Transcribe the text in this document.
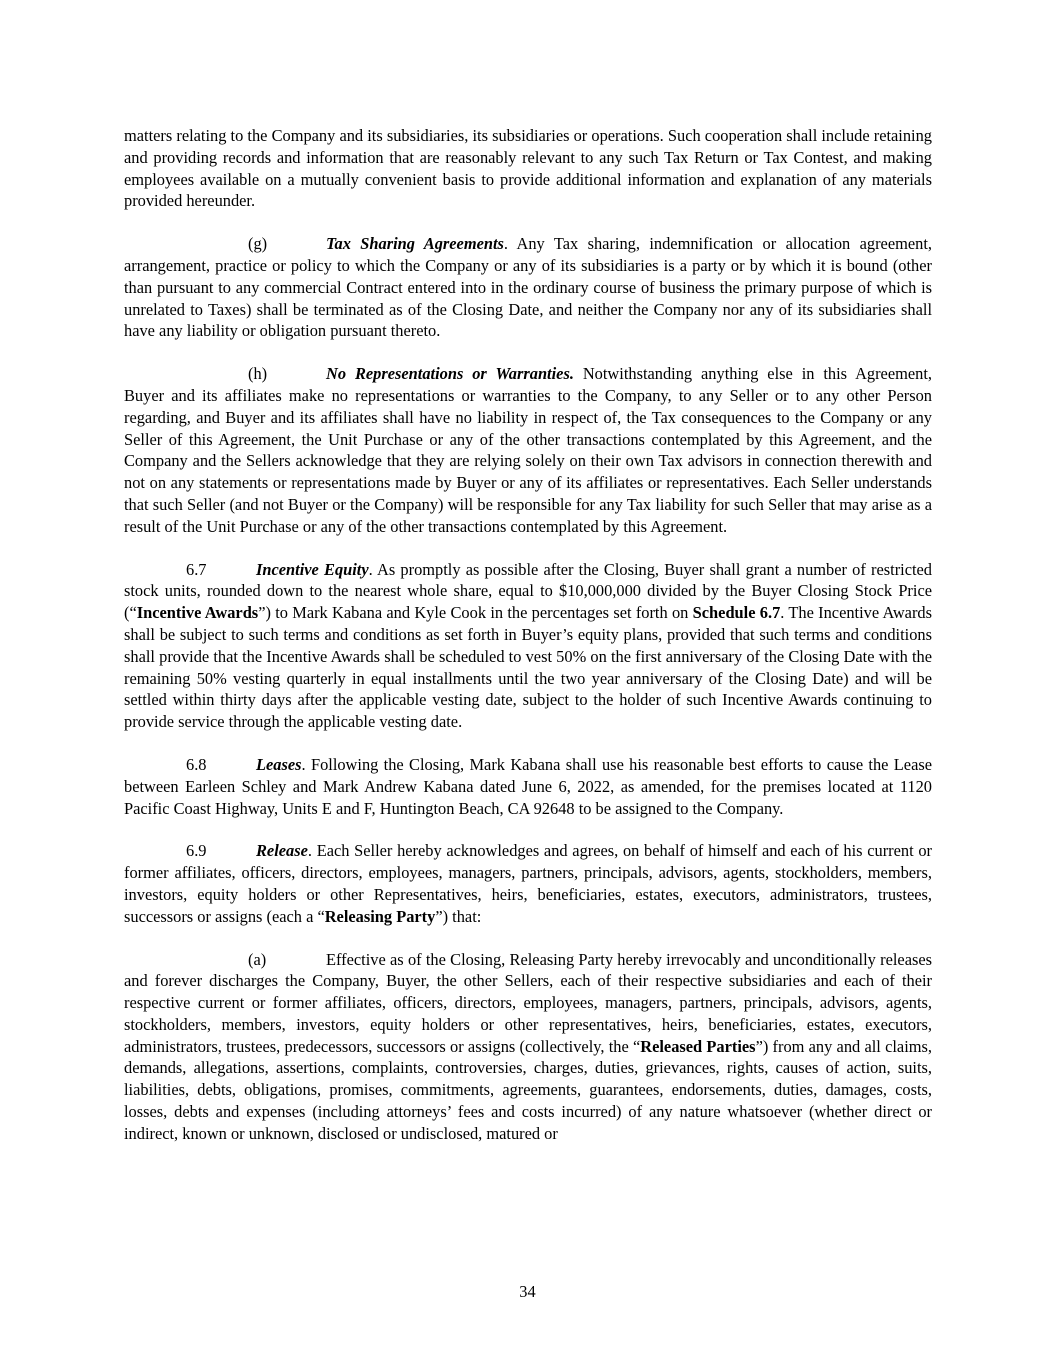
matters relating to the Company and its subsidiaries, its subsidiaries or operations. Such cooperation shall include retaining and providing records and information that are reasonably relevant to any such Tax Return or Tax Contest, and making employees available on a mutually convenient basis to provide additional information and explanation of any materials provided hereunder.

(g)	Tax Sharing Agreements. Any Tax sharing, indemnification or allocation agreement, arrangement, practice or policy to which the Company or any of its subsidiaries is a party or by which it is bound (other than pursuant to any commercial Contract entered into in the ordinary course of business the primary purpose of which is unrelated to Taxes) shall be terminated as of the Closing Date, and neither the Company nor any of its subsidiaries shall have any liability or obligation pursuant thereto.

(h)	No Representations or Warranties. Notwithstanding anything else in this Agreement, Buyer and its affiliates make no representations or warranties to the Company, to any Seller or to any other Person regarding, and Buyer and its affiliates shall have no liability in respect of, the Tax consequences to the Company or any Seller of this Agreement, the Unit Purchase or any of the other transactions contemplated by this Agreement, and the Company and the Sellers acknowledge that they are relying solely on their own Tax advisors in connection therewith and not on any statements or representations made by Buyer or any of its affiliates or representatives. Each Seller understands that such Seller (and not Buyer or the Company) will be responsible for any Tax liability for such Seller that may arise as a result of the Unit Purchase or any of the other transactions contemplated by this Agreement.

6.7	Incentive Equity. As promptly as possible after the Closing, Buyer shall grant a number of restricted stock units, rounded down to the nearest whole share, equal to $10,000,000 divided by the Buyer Closing Stock Price (“Incentive Awards”) to Mark Kabana and Kyle Cook in the percentages set forth on Schedule 6.7. The Incentive Awards shall be subject to such terms and conditions as set forth in Buyer’s equity plans, provided that such terms and conditions shall provide that the Incentive Awards shall be scheduled to vest 50% on the first anniversary of the Closing Date with the remaining 50% vesting quarterly in equal installments until the two year anniversary of the Closing Date) and will be settled within thirty days after the applicable vesting date, subject to the holder of such Incentive Awards continuing to provide service through the applicable vesting date.

6.8	Leases. Following the Closing, Mark Kabana shall use his reasonable best efforts to cause the Lease between Earleen Schley and Mark Andrew Kabana dated June 6, 2022, as amended, for the premises located at 1120 Pacific Coast Highway, Units E and F, Huntington Beach, CA 92648 to be assigned to the Company.

6.9	Release. Each Seller hereby acknowledges and agrees, on behalf of himself and each of his current or former affiliates, officers, directors, employees, managers, partners, principals, advisors, agents, stockholders, members, investors, equity holders or other Representatives, heirs, beneficiaries, estates, executors, administrators, trustees, successors or assigns (each a “Releasing Party”) that:

(a)	Effective as of the Closing, Releasing Party hereby irrevocably and unconditionally releases and forever discharges the Company, Buyer, the other Sellers, each of their respective subsidiaries and each of their respective current or former affiliates, officers, directors, employees, managers, partners, principals, advisors, agents, stockholders, members, investors, equity holders or other representatives, heirs, beneficiaries, estates, executors, administrators, trustees, predecessors, successors or assigns (collectively, the “Released Parties”) from any and all claims, demands, allegations, assertions, complaints, controversies, charges, duties, grievances, rights, causes of action, suits, liabilities, debts, obligations, promises, commitments, agreements, guarantees, endorsements, duties, damages, costs, losses, debts and expenses (including attorneys’ fees and costs incurred) of any nature whatsoever (whether direct or indirect, known or unknown, disclosed or undisclosed, matured or

34
